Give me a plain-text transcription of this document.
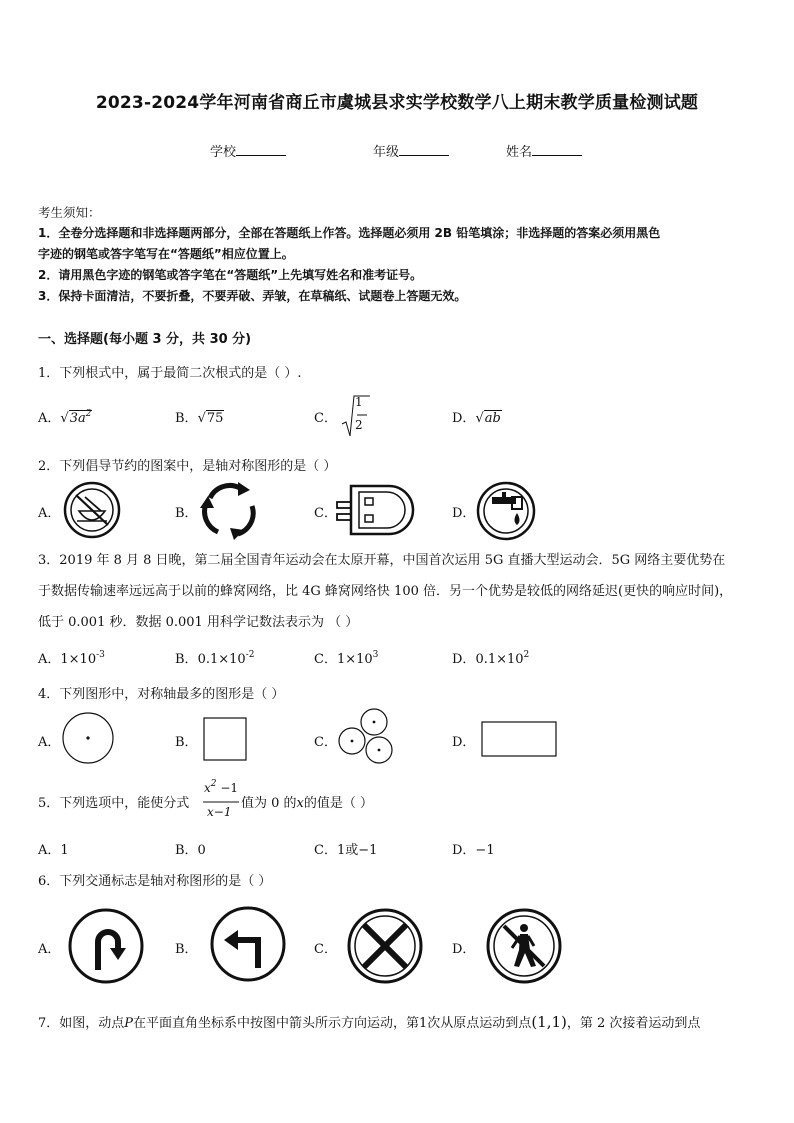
2023-2024学年河南省商丘市虞城县求实学校数学八上期末教学质量检测试题
学校	年级	姓名
考生须知：
1．全卷分选择题和非选择题两部分，全部在答题纸上作答。选择题必须用 2B 铅笔填涂；非选择题的答案必须用黑色
字迹的钢笔或答字笔写在“答题纸”相应位置上。
2．请用黑色字迹的钢笔或答字笔在“答题纸”上先填写姓名和准考证号。
3．保持卡面清洁，不要折叠，不要弄破、弄皱，在草稿纸、试题卷上答题无效。
一、选择题(每小题 3 分，共 30 分)
1．下列根式中，属于最简二次根式的是（ ）.
A．$√3a^2$	B．√75	C．
1
2	D．√ab
2．下列倡导节约的图案中，是轴对称图形的是（ ）
A．	B．	C．	D．
3．2019 年 8 月 8 日晚，第二届全国青年运动会在太原开幕，中国首次运用 5G 直播大型运动会．5G 网络主要优势在
于数据传输速率远远高于以前的蜂窝网络，比 4G 蜂窝网络快 100 倍．另一个优势是较低的网络延迟(更快的响应时间)，
低于 0.001 秒．数据 0.001 用科学记数法表示为 （ ）
A．$1\times 10^{-3}$	B．$0.1\times 10^{-2}$	C．$1\times 10^3$	D．$0.1\times 10^2$
4．下列图形中，对称轴最多的图形是（ ）
A．	B．	C．	D．
5．下列选项中，能使分式
$x^2 -1$
x−1
值为 0 的x的值是（ ）
A．1	B．0	C．1或−1	D．−1
6．下列交通标志是轴对称图形的是（ ）
A．	B．	C．	D．
7．如图，动点P在平面直角坐标系中按图中箭头所示方向运动，第1次从原点运动到点(1,1)，第 2 次接着运动到点
